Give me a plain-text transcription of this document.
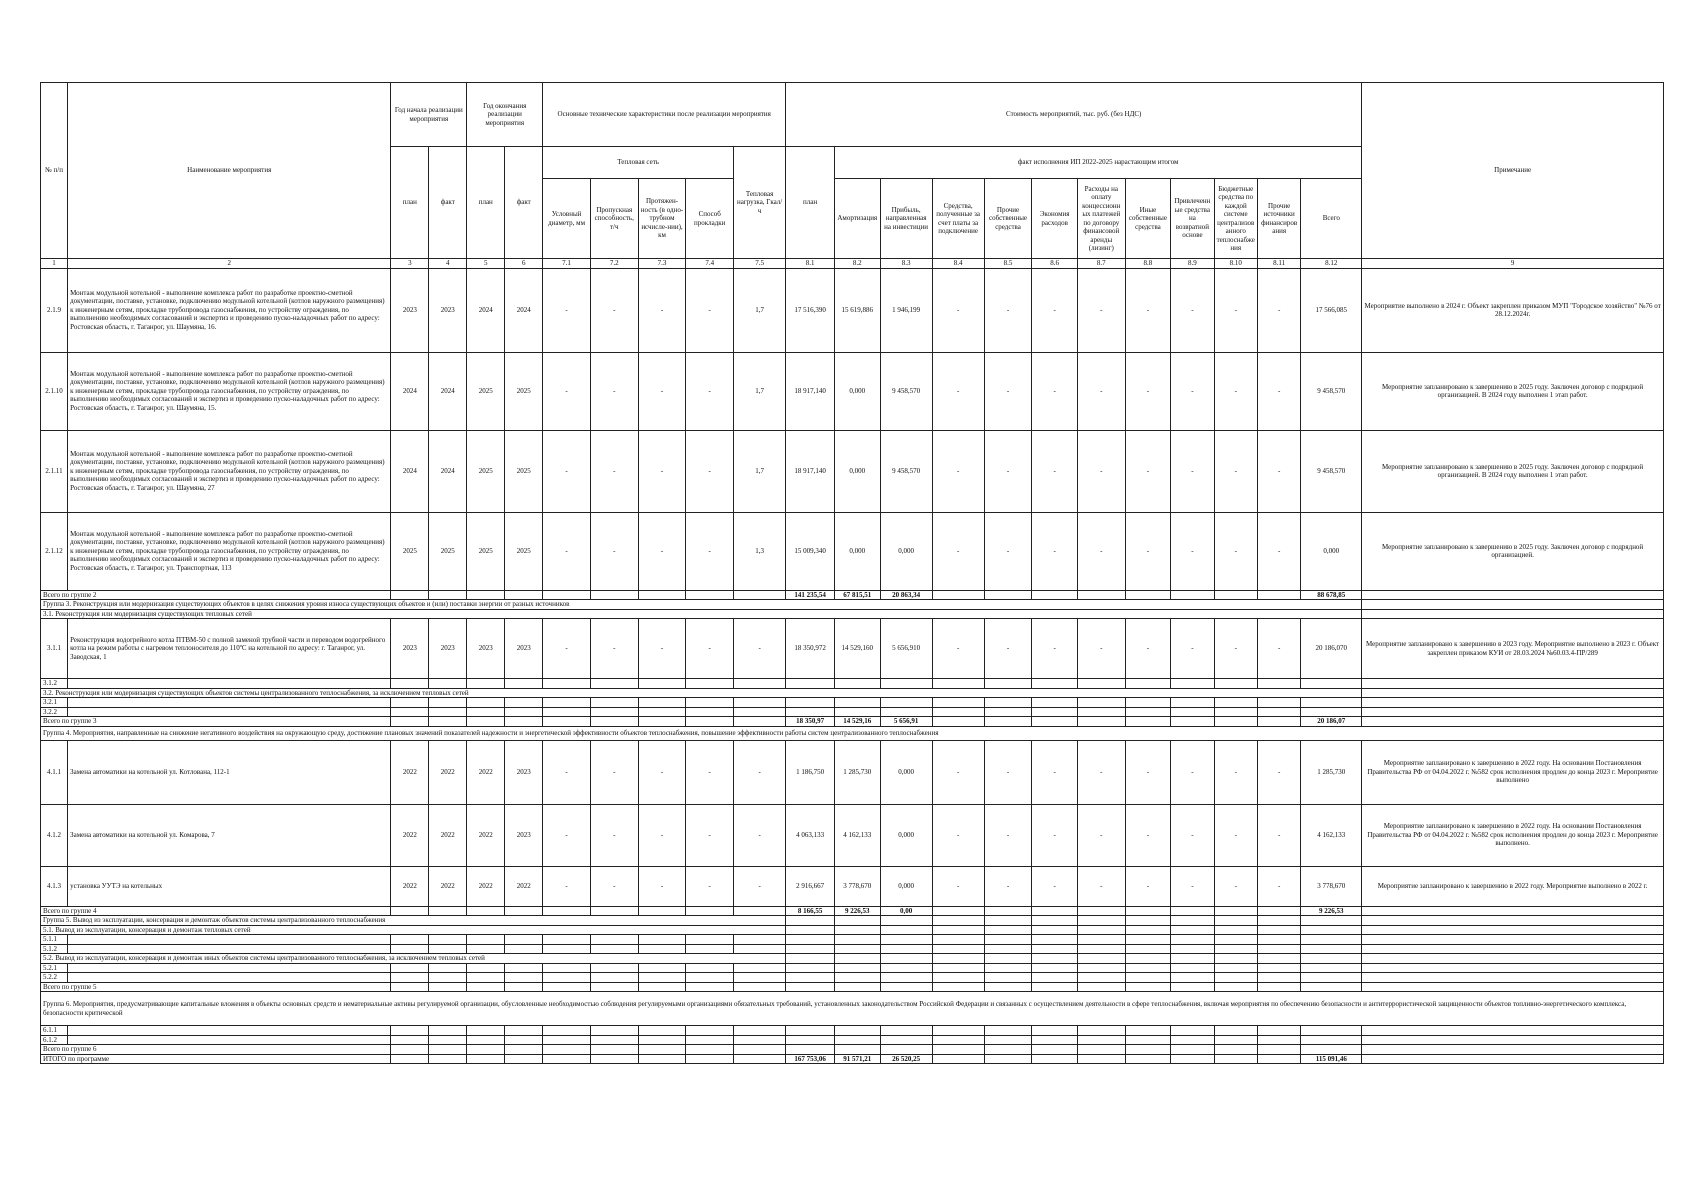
№ п/п	Наименование мероприятия	Год начала реализации мероприятия		Год окончания реализации мероприятия		Основные технические характеристики после реализации мероприятия					Стоимость мероприятий, тыс. руб. (без НДС)												Примечание
		план	факт	план	факт	Тепловая сеть				Тепловая нагрузка, Гкал/ч	план	факт исполнения ИП 2022-2025 нарастающим итогом											
						Условный диаметр, мм	Пропускная способность, т/ч	Протяжен-ность (в одно-трубном исчисле-нии), км	Способ прокладки			Амортизация	Прибыль, направленная на инвестиции	Средства, полученные за счет платы за подключение	Прочие собственные средства	Экономия расходов	Расходы на оплату концессионных платежей по договору финансовой аренды (лизинг)	Иные собственные средства	Привлеченные средства на возвратной основе	Бюджетные средства по каждой системе централизованного теплоснабжения	Прочие источники финансирования	Всего	
1	2	3	4	5	6	7.1	7.2	7.3	7.4	7.5	8.1	8.2	8.3	8.4	8.5	8.6	8.7	8.8	8.9	8.10	8.11	8.12	9
2.1.9	Монтаж модульной котельной - выполнение комплекса работ по разработке проектно-сметной документации, поставке, установке, подключению модульной котельной (котлов наружного размещения) к инженерным сетям, прокладке трубопровода газоснабжения, по устройству ограждения, по выполнению необходимых согласований и экспертиз и проведению пуско-наладочных работ по адресу: Ростовская область, г. Таганрог, ул. Шаумяна, 16.	2023	2023	2024	2024	-	-	-	-	1,7	17 516,390	15 619,886	1 946,199	-	-	-	-	-	-	-	-	17 566,085	Мероприятие выполнено в 2024 г. Объект закреплен приказом МУП "Городское хозяйство" №76 от 28.12.2024г.
2.1.10	Монтаж модульной котельной - выполнение комплекса работ по разработке проектно-сметной документации, поставке, установке, подключению модульной котельной (котлов наружного размещения) к инженерным сетям, прокладке трубопровода газоснабжения, по устройству ограждения, по выполнению необходимых согласований и экспертиз и проведению пуско-наладочных работ по адресу: Ростовская область, г. Таганрог, ул. Шаумяна, 15.	2024	2024	2025	2025	-	-	-	-	1,7	18 917,140	0,000	9 458,570	-	-	-	-	-	-	-	-	9 458,570	Мероприятие запланировано к завершению в 2025 году. Заключен договор с подрядной организацией. В 2024 году выполнен 1 этап работ.
2.1.11	Монтаж модульной котельной - выполнение комплекса работ по разработке проектно-сметной документации, поставке, установке, подключению модульной котельной (котлов наружного размещения) к инженерным сетям, прокладке трубопровода газоснабжения, по устройству ограждения, по выполнению необходимых согласований и экспертиз и проведению пуско-наладочных работ по адресу: Ростовская область, г. Таганрог, ул. Шаумяна, 27	2024	2024	2025	2025	-	-	-	-	1,7	18 917,140	0,000	9 458,570	-	-	-	-	-	-	-	-	9 458,570	Мероприятие запланировано к завершению в 2025 году. Заключен договор с подрядной организацией. В 2024 году выполнен 1 этап работ.
2.1.12	Монтаж модульной котельной - выполнение комплекса работ по разработке проектно-сметной документации, поставке, установке, подключению модульной котельной (котлов наружного размещения) к инженерным сетям, прокладке трубопровода газоснабжения, по устройству ограждения, по выполнению необходимых согласований и экспертиз и проведению пуско-наладочных работ по адресу: Ростовская область, г. Таганрог, ул. Транспортная, 113	2025	2025	2025	2025	-	-	-	-	1,3	15 009,340	0,000	0,000	-	-	-	-	-	-	-	-	0,000	Мероприятие запланировано к завершению в 2025 году. Заключен договор с подрядной организацией.
Всего по группе 2											141 235,54	67 815,51	20 863,34									88 678,85	
Группа 3. Реконструкция или модернизация существующих объектов в целях снижения уровня износа существующих объектов и (или) поставки энергии от разных источников																							
3.1. Реконструкция или модернизация существующих тепловых сетей																							
3.1.1	Реконструкция водогрейного котла ПТВМ-50 с полной заменой трубной части и переводом водогрейного котла на режим работы с нагревом теплоносителя до 110ºС на котельной по адресу: г. Таганрог, ул. Заводская, 1	2023	2023	2023	2023	-	-	-	-	-	18 350,972	14 529,160	5 656,910	-	-	-	-	-	-	-	-	20 186,070	Мероприятие запланировано к завершению в 2023 году. Мероприятие выполнено в 2023 г. Объект закреплен приказом КУИ от 28.03.2024 №60.03.4-ПР/289
3.1.2																							
3.2. Реконструкция или модернизация существующих объектов системы централизованного теплоснабжения, за исключением тепловых сетей																							
3.2.1																							
3.2.2																							
Всего по группе 3											18 350,97	14 529,16	5 656,91									20 186,07	
Группа 4. Мероприятия, направленные на снижение негативного воздействия на окружающую среду, достижение плановых значений показателей надежности и энергетической эффективности объектов теплоснабжения, повышение эффективности работы систем централизованного теплоснабжения																							
4.1.1	Замена автоматики на котельной ул. Котлована, 112-1	2022	2022	2022	2023	-	-	-	-	-	1 186,750	1 285,730	0,000	-	-	-	-	-	-	-	-	1 285,730	Мероприятие запланировано к завершению в 2022 году. На основании Постановления Правительства РФ от 04.04.2022 г. №582 срок исполнения продлен до конца 2023 г. Мероприятие выполнено
4.1.2	Замена автоматики на котельной ул. Комарова, 7	2022	2022	2022	2023	-	-	-	-	-	4 063,133	4 162,133	0,000	-	-	-	-	-	-	-	-	4 162,133	Мероприятие запланировано к завершению в 2022 году. На основании Постановления Правительства РФ от 04.04.2022 г. №582 срок исполнения продлен до конца 2023 г. Мероприятие выполнено.
4.1.3	установка УУТЭ на котельных	2022	2022	2022	2022	-	-	-	-	-	2 916,667	3 778,670	0,000	-	-	-	-	-	-	-	-	3 778,670	Мероприятие запланировано к завершению в 2022 году. Мероприятие выполнено в 2022 г.
Всего по группе 4											8 166,55	9 226,53	0,00									9 226,53	
Группа 5. Вывод из эксплуатации, консервация и демонтаж объектов системы централизованного теплоснабжения																							
5.1. Вывод из эксплуатации, консервация и демонтаж тепловых сетей																							
5.1.1																							
5.1.2																							
5.2. Вывод из эксплуатации, консервация и демонтаж иных объектов системы централизованного теплоснабжения, за исключением тепловых сетей																							
5.2.1																							
5.2.2																							
Всего по группе 5																							
Группа 6. Мероприятия, предусматривающие капитальные вложения в объекты основных средств и нематериальные активы регулируемой организации, обусловленные необходимостью соблюдения регулируемыми организациями обязательных требований, установленных законодательством Российской Федерации и связанных с осуществлением деятельности в сфере теплоснабжения, включая мероприятия по обеспечению безопасности и антитеррористической защищенности объектов топливно-энергетического комплекса, безопасности критической																							
6.1.1																							
6.1.2																							
Всего по группе 6																							
ИТОГО по программе											167 753,06	91 571,21	26 520,25									115 091,46	
